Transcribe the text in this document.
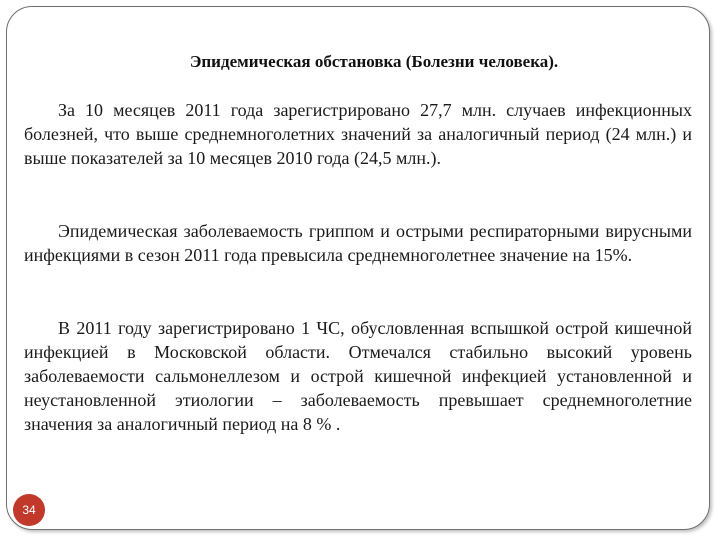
Эпидемическая обстановка (Болезни человека).

За 10 месяцев 2011 года зарегистрировано 27,7 млн. случаев инфекционных болезней, что выше среднемноголетних значений за аналогичный период (24 млн.) и выше показателей за 10 месяцев 2010 года (24,5 млн.).

Эпидемическая заболеваемость гриппом и острыми респираторными вирусными инфекциями в сезон 2011 года превысила среднемноголетнее значение на 15%.

В 2011 году зарегистрировано 1 ЧС, обусловленная вспышкой острой кишечной инфекцией в Московской области. Отмечался стабильно высокий уровень заболеваемости сальмонеллезом и острой кишечной инфекцией установленной и неустановленной этиологии – заболеваемость превышает среднемноголетние значения за аналогичный период на 8 % .

34
